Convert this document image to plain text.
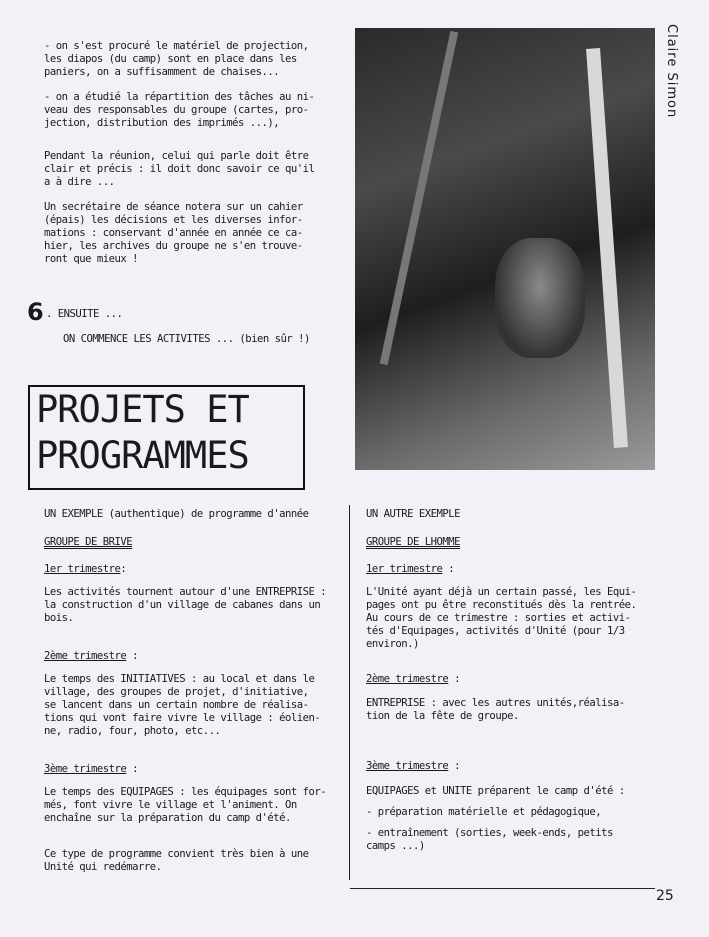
- on s'est procuré le matériel de projection,
les diapos (du camp) sont en place dans les
paniers, on a suffisamment de chaises...

- on a étudié la répartition des tâches au ni-
veau des responsables du groupe (cartes, pro-
jection, distribution des imprimés ...),

Pendant la réunion, celui qui parle doit être
clair et précis : il doit donc savoir ce qu'il
a à dire ...

Un secrétaire de séance notera sur un cahier
(épais) les décisions et les diverses infor-
mations : conservant d'année en année ce ca-
hier, les archives du groupe ne s'en trouve-
ront que mieux !

6 . ENSUITE ...

ON COMMENCE LES ACTIVITES ... (bien sûr !)

Claire Simon
PROJETS ET
PROGRAMMES

UN EXEMPLE (authentique) de programme d'année

GROUPE DE BRIVE

1er trimestre:

Les activités tournent autour d'une ENTREPRISE :
la construction d'un village de cabanes dans un
bois.

2ème trimestre :

Le temps des INITIATIVES : au local et dans le
village, des groupes de projet, d'initiative,
se lancent dans un certain nombre de réalisa-
tions qui vont faire vivre le village : éolien-
ne, radio, four, photo, etc...

3ème trimestre :

Le temps des EQUIPAGES : les équipages sont for-
més, font vivre le village et l'animent. On
enchaîne sur la préparation du camp d'été.

Ce type de programme convient très bien à une
Unité qui redémarre.

UN AUTRE EXEMPLE

GROUPE DE LHOMME

1er trimestre :

L'Unité ayant déjà un certain passé, les Equi-
pages ont pu être reconstitués dès la rentrée.
Au cours de ce trimestre : sorties et activi-
tés d'Equipages, activités d'Unité (pour 1/3
environ.)

2ème trimestre :

ENTREPRISE : avec les autres unités,réalisa-
tion de la fête de groupe.

3ème trimestre :

EQUIPAGES et UNITE préparent le camp d'été :

- préparation matérielle et pédagogique,

- entraînement (sorties, week-ends, petits
camps ...)

25
